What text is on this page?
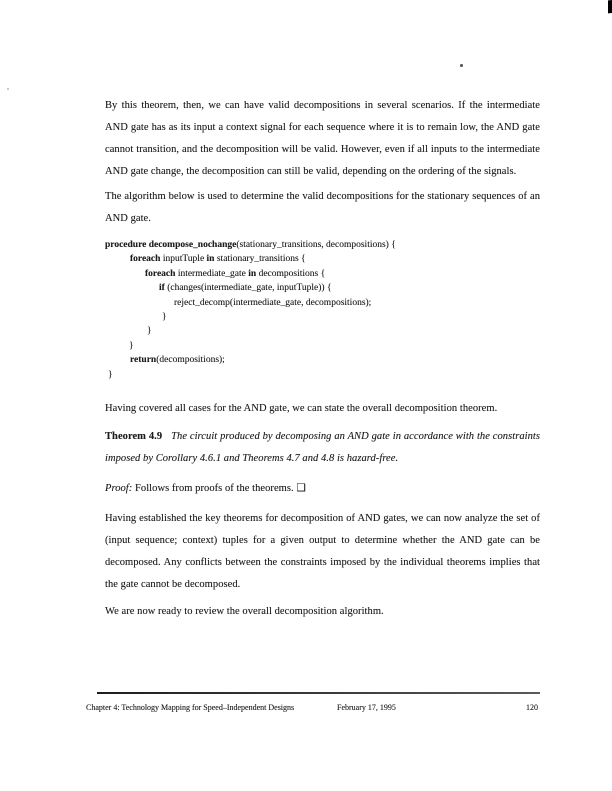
By this theorem, then, we can have valid decompositions in several scenarios. If the intermediate AND gate has as its input a context signal for each sequence where it is to remain low, the AND gate cannot transition, and the decomposition will be valid. However, even if all inputs to the intermediate AND gate change, the decomposition can still be valid, depending on the ordering of the signals.

The algorithm below is used to determine the valid decompositions for the stationary sequences of an AND gate.

procedure decompose_nochange(stationary_transitions, decompositions) {
foreach inputTuple in stationary_transitions {
foreach intermediate_gate in decompositions {
if (changes(intermediate_gate, inputTuple)) {
reject_decomp(intermediate_gate, decompositions);
}
}
}
return(decompositions);
}

Having covered all cases for the AND gate, we can state the overall decomposition theorem.

Theorem 4.9 The circuit produced by decomposing an AND gate in accordance with the constraints imposed by Corollary 4.6.1 and Theorems 4.7 and 4.8 is hazard-free.

Proof: Follows from proofs of the theorems. ❑

Having established the key theorems for decomposition of AND gates, we can now analyze the set of (input sequence; context) tuples for a given output to determine whether the AND gate can be decomposed. Any conflicts between the constraints imposed by the individual theorems implies that the gate cannot be decomposed.

We are now ready to review the overall decomposition algorithm.

Chapter 4: Technology Mapping for Speed–Independent Designs	February 17, 1995	120
